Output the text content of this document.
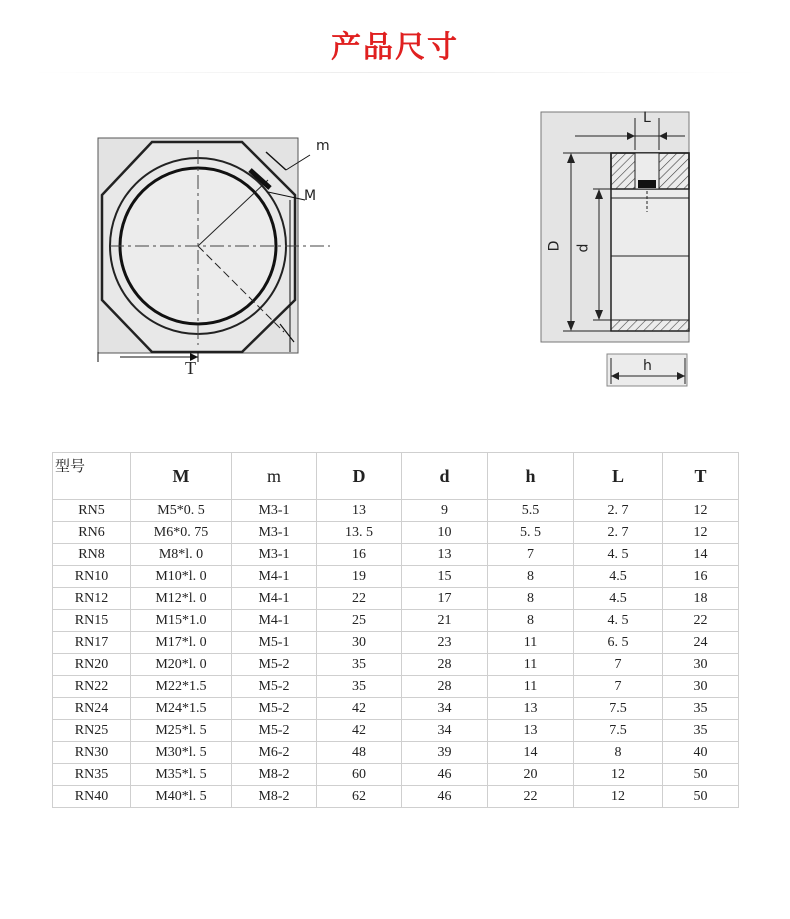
产品尺寸
m
M
T
L
D d
h
型号	M	m	D	d	h	L	T
RN5	M5*0. 5	M3-1	13	9	5.5	2. 7	12
RN6	M6*0. 75	M3-1	13. 5	10	5. 5	2. 7	12
RN8	M8*l. 0	M3-1	16	13	7	4. 5	14
RN10	M10*l. 0	M4-1	19	15	8	4.5	16
RN12	M12*l. 0	M4-1	22	17	8	4.5	18
RN15	M15*1.0	M4-1	25	21	8	4. 5	22
RN17	M17*l. 0	M5-1	30	23	11	6. 5	24
RN20	M20*l. 0	M5-2	35	28	11	7	30
RN22	M22*1.5	M5-2	35	28	11	7	30
RN24	M24*1.5	M5-2	42	34	13	7.5	35
RN25	M25*l. 5	M5-2	42	34	13	7.5	35
RN30	M30*l. 5	M6-2	48	39	14	8	40
RN35	M35*l. 5	M8-2	60	46	20	12	50
RN40	M40*l. 5	M8-2	62	46	22	12	50
